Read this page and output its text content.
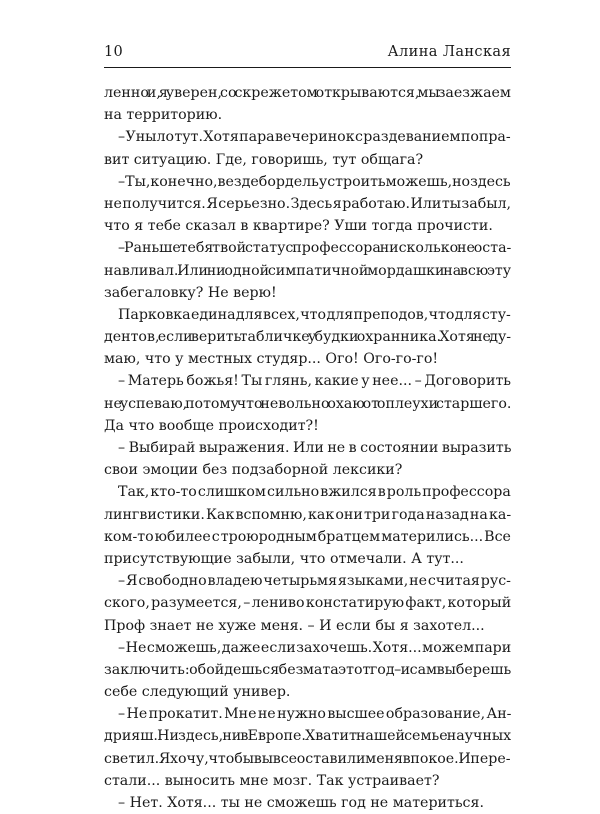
10	Алина Ланская
ленно и, я уверен, со скрежетом открываются, мы заезжаем
на территорию.
– Уныло тут. Хотя пара вечеринок с раздеванием попра-
вит ситуацию. Где, говоришь, тут общага?
– Ты, конечно, везде бордель устроить можешь, но здесь
не получится. Я серьезно. Здесь я работаю. Или ты забыл,
что я тебе сказал в квартире? Уши тогда прочисти.
– Раньше тебя твой статус профессора нисколько не оста-
навливал. Или ни одной симпатичной мордашки на всю эту
забегаловку? Не верю!
Парковка едина для всех, что для преподов, что для сту-
дентов, если верить табличке у будки охранника. Хотя не ду-
маю, что у местных студяр... Ого! Ого-го-го!
– Матерь божья! Ты глянь, какие у нее... – Договорить
не успеваю, потому что невольно охаю от оплеухи старшего.
Да что вообще происходит?!
– Выбирай выражения. Или не в состоянии выразить
свои эмоции без подзаборной лексики?
Так, кто-то слишком сильно вжился в роль профессора
лингвистики. Как вспомню, как они три года назад на ка-
ком-то юбилее с троюродным братцем матерились... Все
присутствующие забыли, что отмечали. А тут...
– Я свободно владею четырьмя языками, не считая рус-
ского, разумеется, – лениво констатирую факт, который
Проф знает не хуже меня. – И если бы я захотел...
– Не сможешь, даже если захочешь. Хотя... можем пари
заключить: обойдешься без мата этот год – и сам выберешь
себе следующий универ.
– Не прокатит. Мне не нужно высшее образование, Ан-
дрияш. Ни здесь, ни в Европе. Хватит нашей семье научных
светил. Я хочу, чтобы вы все оставили меня в покое. И пере-
стали... выносить мне мозг. Так устраивает?
– Нет. Хотя... ты не сможешь год не материться.
